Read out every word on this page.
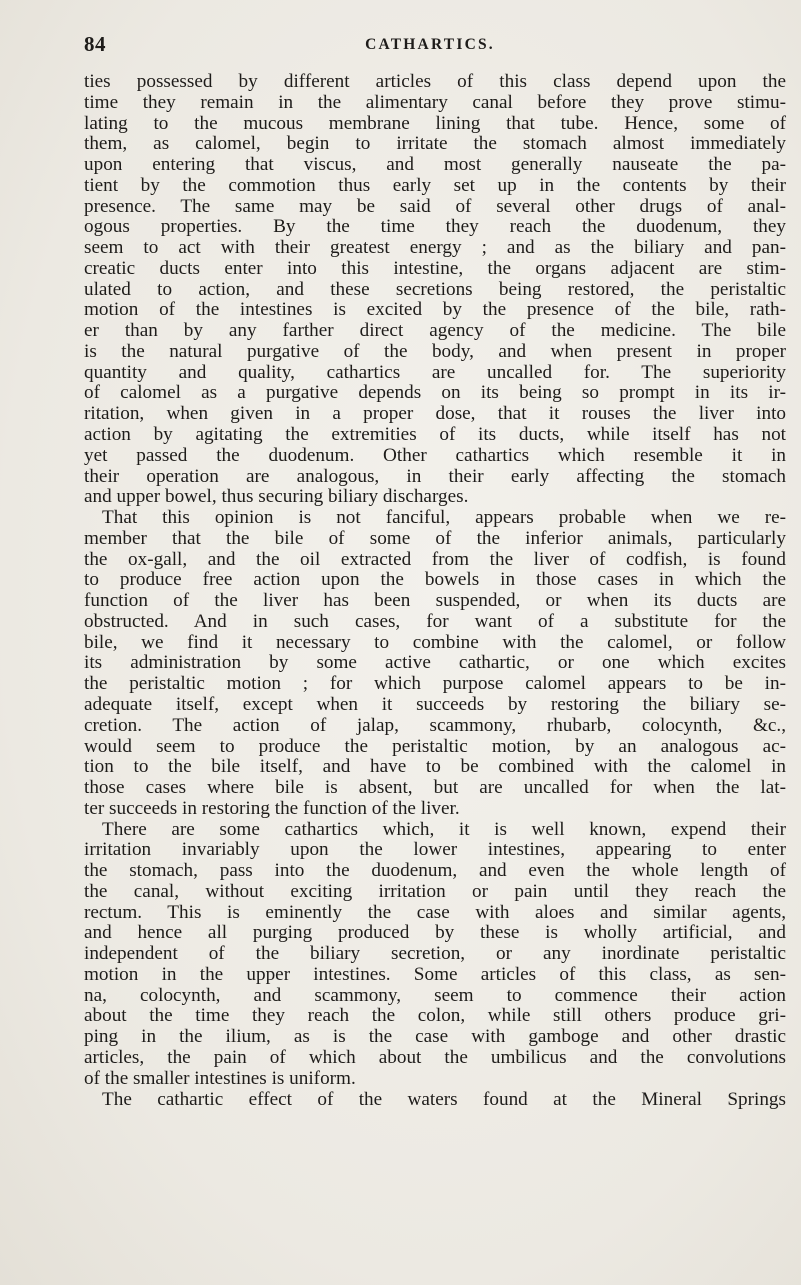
84	CATHARTICS.
ties possessed by different articles of this class depend upon the
time they remain in the alimentary canal before they prove stimu-
lating to the mucous membrane lining that tube. Hence, some of
them, as calomel, begin to irritate the stomach almost immediately
upon entering that viscus, and most generally nauseate the pa-
tient by the commotion thus early set up in the contents by their
presence. The same may be said of several other drugs of anal-
ogous properties. By the time they reach the duodenum, they
seem to act with their greatest energy ; and as the biliary and pan-
creatic ducts enter into this intestine, the organs adjacent are stim-
ulated to action, and these secretions being restored, the peristaltic
motion of the intestines is excited by the presence of the bile, rath-
er than by any farther direct agency of the medicine. The bile
is the natural purgative of the body, and when present in proper
quantity and quality, cathartics are uncalled for. The superiority
of calomel as a purgative depends on its being so prompt in its ir-
ritation, when given in a proper dose, that it rouses the liver into
action by agitating the extremities of its ducts, while itself has not
yet passed the duodenum. Other cathartics which resemble it in
their operation are analogous, in their early affecting the stomach
and upper bowel, thus securing biliary discharges.
That this opinion is not fanciful, appears probable when we re-
member that the bile of some of the inferior animals, particularly
the ox-gall, and the oil extracted from the liver of codfish, is found
to produce free action upon the bowels in those cases in which the
function of the liver has been suspended, or when its ducts are
obstructed. And in such cases, for want of a substitute for the
bile, we find it necessary to combine with the calomel, or follow
its administration by some active cathartic, or one which excites
the peristaltic motion ; for which purpose calomel appears to be in-
adequate itself, except when it succeeds by restoring the biliary se-
cretion. The action of jalap, scammony, rhubarb, colocynth, &c.,
would seem to produce the peristaltic motion, by an analogous ac-
tion to the bile itself, and have to be combined with the calomel in
those cases where bile is absent, but are uncalled for when the lat-
ter succeeds in restoring the function of the liver.
There are some cathartics which, it is well known, expend their
irritation invariably upon the lower intestines, appearing to enter
the stomach, pass into the duodenum, and even the whole length of
the canal, without exciting irritation or pain until they reach the
rectum. This is eminently the case with aloes and similar agents,
and hence all purging produced by these is wholly artificial, and
independent of the biliary secretion, or any inordinate peristaltic
motion in the upper intestines. Some articles of this class, as sen-
na, colocynth, and scammony, seem to commence their action
about the time they reach the colon, while still others produce gri-
ping in the ilium, as is the case with gamboge and other drastic
articles, the pain of which about the umbilicus and the convolutions
of the smaller intestines is uniform.
The cathartic effect of the waters found at the Mineral Springs
